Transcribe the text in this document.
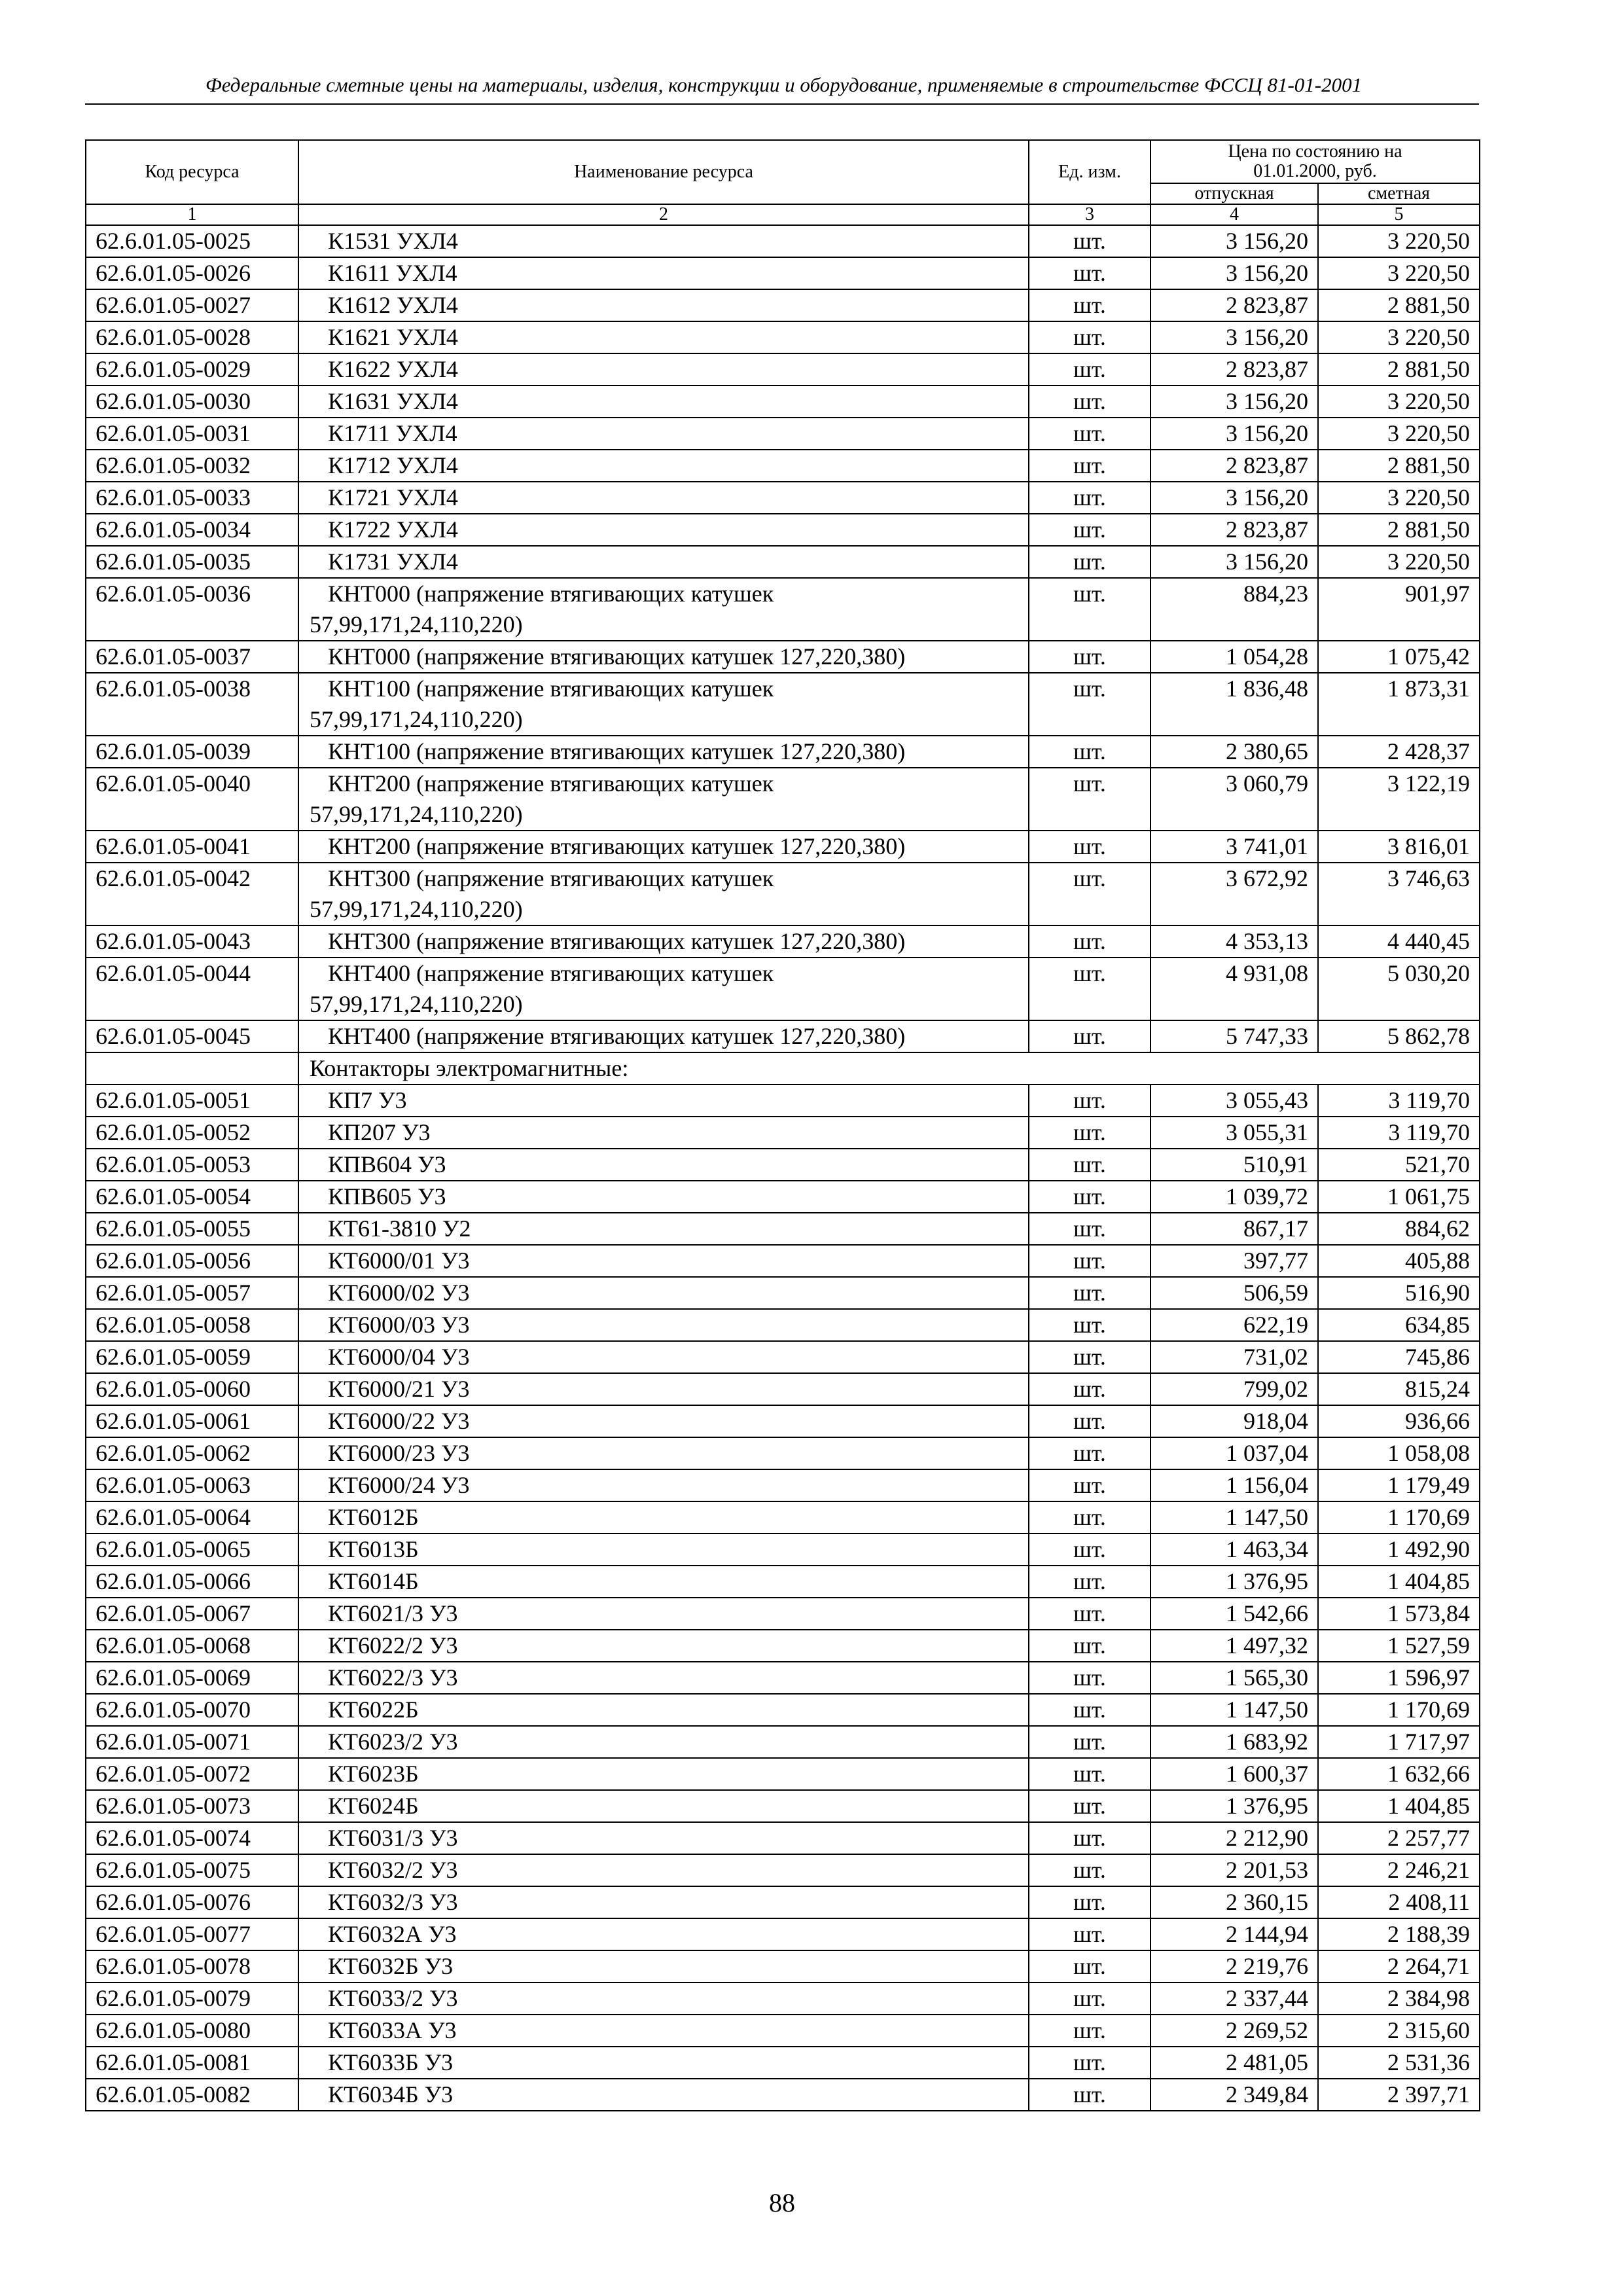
Федеральные сметные цены на материалы, изделия, конструкции и оборудование, применяемые в строительстве ФССЦ 81-01-2001
Код ресурса	Наименование ресурса	Ед. изм.	Цена по состоянию на
01.01.2000, руб.	

			отпускная	сметная
1	2	3	4	5
62.6.01.05-0025	К1531 УХЛ4	шт.	3 156,20	3 220,50
62.6.01.05-0026	К1611 УХЛ4	шт.	3 156,20	3 220,50
62.6.01.05-0027	К1612 УХЛ4	шт.	2 823,87	2 881,50
62.6.01.05-0028	К1621 УХЛ4	шт.	3 156,20	3 220,50
62.6.01.05-0029	К1622 УХЛ4	шт.	2 823,87	2 881,50
62.6.01.05-0030	К1631 УХЛ4	шт.	3 156,20	3 220,50
62.6.01.05-0031	К1711 УХЛ4	шт.	3 156,20	3 220,50
62.6.01.05-0032	К1712 УХЛ4	шт.	2 823,87	2 881,50
62.6.01.05-0033	К1721 УХЛ4	шт.	3 156,20	3 220,50
62.6.01.05-0034	К1722 УХЛ4	шт.	2 823,87	2 881,50
62.6.01.05-0035	К1731 УХЛ4	шт.	3 156,20	3 220,50
62.6.01.05-0036	КНТ000 (напряжение втягивающих катушек
57,99,171,24,110,220)	шт.	884,23	901,97
62.6.01.05-0037	КНТ000 (напряжение втягивающих катушек 127,220,380)	шт.	1 054,28	1 075,42
62.6.01.05-0038	КНТ100 (напряжение втягивающих катушек
57,99,171,24,110,220)	шт.	1 836,48	1 873,31
62.6.01.05-0039	КНТ100 (напряжение втягивающих катушек 127,220,380)	шт.	2 380,65	2 428,37
62.6.01.05-0040	КНТ200 (напряжение втягивающих катушек
57,99,171,24,110,220)	шт.	3 060,79	3 122,19
62.6.01.05-0041	КНТ200 (напряжение втягивающих катушек 127,220,380)	шт.	3 741,01	3 816,01
62.6.01.05-0042	КНТ300 (напряжение втягивающих катушек
57,99,171,24,110,220)	шт.	3 672,92	3 746,63
62.6.01.05-0043	КНТ300 (напряжение втягивающих катушек 127,220,380)	шт.	4 353,13	4 440,45
62.6.01.05-0044	КНТ400 (напряжение втягивающих катушек
57,99,171,24,110,220)	шт.	4 931,08	5 030,20
62.6.01.05-0045	КНТ400 (напряжение втягивающих катушек 127,220,380)	шт.	5 747,33	5 862,78
	Контакторы электромагнитные:			
62.6.01.05-0051	КП7 У3	шт.	3 055,43	3 119,70
62.6.01.05-0052	КП207 У3	шт.	3 055,31	3 119,70
62.6.01.05-0053	КПВ604 У3	шт.	510,91	521,70
62.6.01.05-0054	КПВ605 У3	шт.	1 039,72	1 061,75
62.6.01.05-0055	КТ61-3810 У2	шт.	867,17	884,62
62.6.01.05-0056	КТ6000/01 У3	шт.	397,77	405,88
62.6.01.05-0057	КТ6000/02 У3	шт.	506,59	516,90
62.6.01.05-0058	КТ6000/03 У3	шт.	622,19	634,85
62.6.01.05-0059	КТ6000/04 У3	шт.	731,02	745,86
62.6.01.05-0060	КТ6000/21 У3	шт.	799,02	815,24
62.6.01.05-0061	КТ6000/22 У3	шт.	918,04	936,66
62.6.01.05-0062	КТ6000/23 У3	шт.	1 037,04	1 058,08
62.6.01.05-0063	КТ6000/24 У3	шт.	1 156,04	1 179,49
62.6.01.05-0064	КТ6012Б	шт.	1 147,50	1 170,69
62.6.01.05-0065	КТ6013Б	шт.	1 463,34	1 492,90
62.6.01.05-0066	КТ6014Б	шт.	1 376,95	1 404,85
62.6.01.05-0067	КТ6021/3 У3	шт.	1 542,66	1 573,84
62.6.01.05-0068	КТ6022/2 У3	шт.	1 497,32	1 527,59
62.6.01.05-0069	КТ6022/3 У3	шт.	1 565,30	1 596,97
62.6.01.05-0070	КТ6022Б	шт.	1 147,50	1 170,69
62.6.01.05-0071	КТ6023/2 У3	шт.	1 683,92	1 717,97
62.6.01.05-0072	КТ6023Б	шт.	1 600,37	1 632,66
62.6.01.05-0073	КТ6024Б	шт.	1 376,95	1 404,85
62.6.01.05-0074	КТ6031/3 У3	шт.	2 212,90	2 257,77
62.6.01.05-0075	КТ6032/2 У3	шт.	2 201,53	2 246,21
62.6.01.05-0076	КТ6032/3 У3	шт.	2 360,15	2 408,11
62.6.01.05-0077	КТ6032А У3	шт.	2 144,94	2 188,39
62.6.01.05-0078	КТ6032Б У3	шт.	2 219,76	2 264,71
62.6.01.05-0079	КТ6033/2 У3	шт.	2 337,44	2 384,98
62.6.01.05-0080	КТ6033А У3	шт.	2 269,52	2 315,60
62.6.01.05-0081	КТ6033Б У3	шт.	2 481,05	2 531,36
62.6.01.05-0082	КТ6034Б У3	шт.	2 349,84	2 397,71
88
